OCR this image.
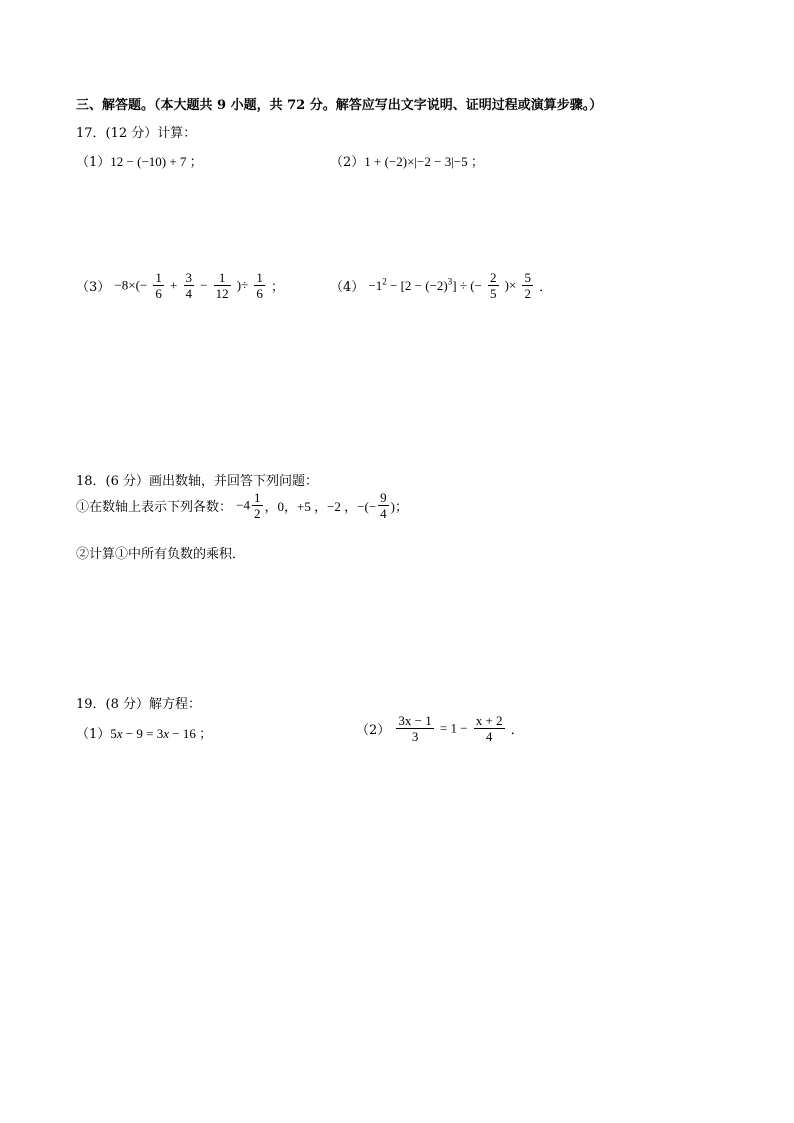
三、解答题。（本大题共 9 小题，共 72 分。解答应写出文字说明、证明过程或演算步骤。）
17．(12 分）计算：
（1）12 − (−10) + 7 ；	（2）1 + (−2)×|−2 − 3|−5 ；
$(3) -8\times(- \frac{1}{6} + \frac{3}{4} - \frac{1}{12}$ )÷ $\frac{1}{6}$ ；	$(4) -1^2 - [2 - (-2)^3]$ ÷ (− $\frac{2}{5}$ )× $\frac{5}{2}$ ．
18．(6 分）画出数轴，并回答下列问题：
①在数轴上表示下列各数： $-4 \frac{1}{2}$ ，0，+5 ，−2 ，−(− $\frac{9}{4}$ )；
②计算①中所有负数的乘积．
19．(8 分）解方程：
（1）5x − 9 = 3x − 16 ；	$(2) \frac{3x - 1}{3} = 1 - \frac{x + 2}{4}$ ．
